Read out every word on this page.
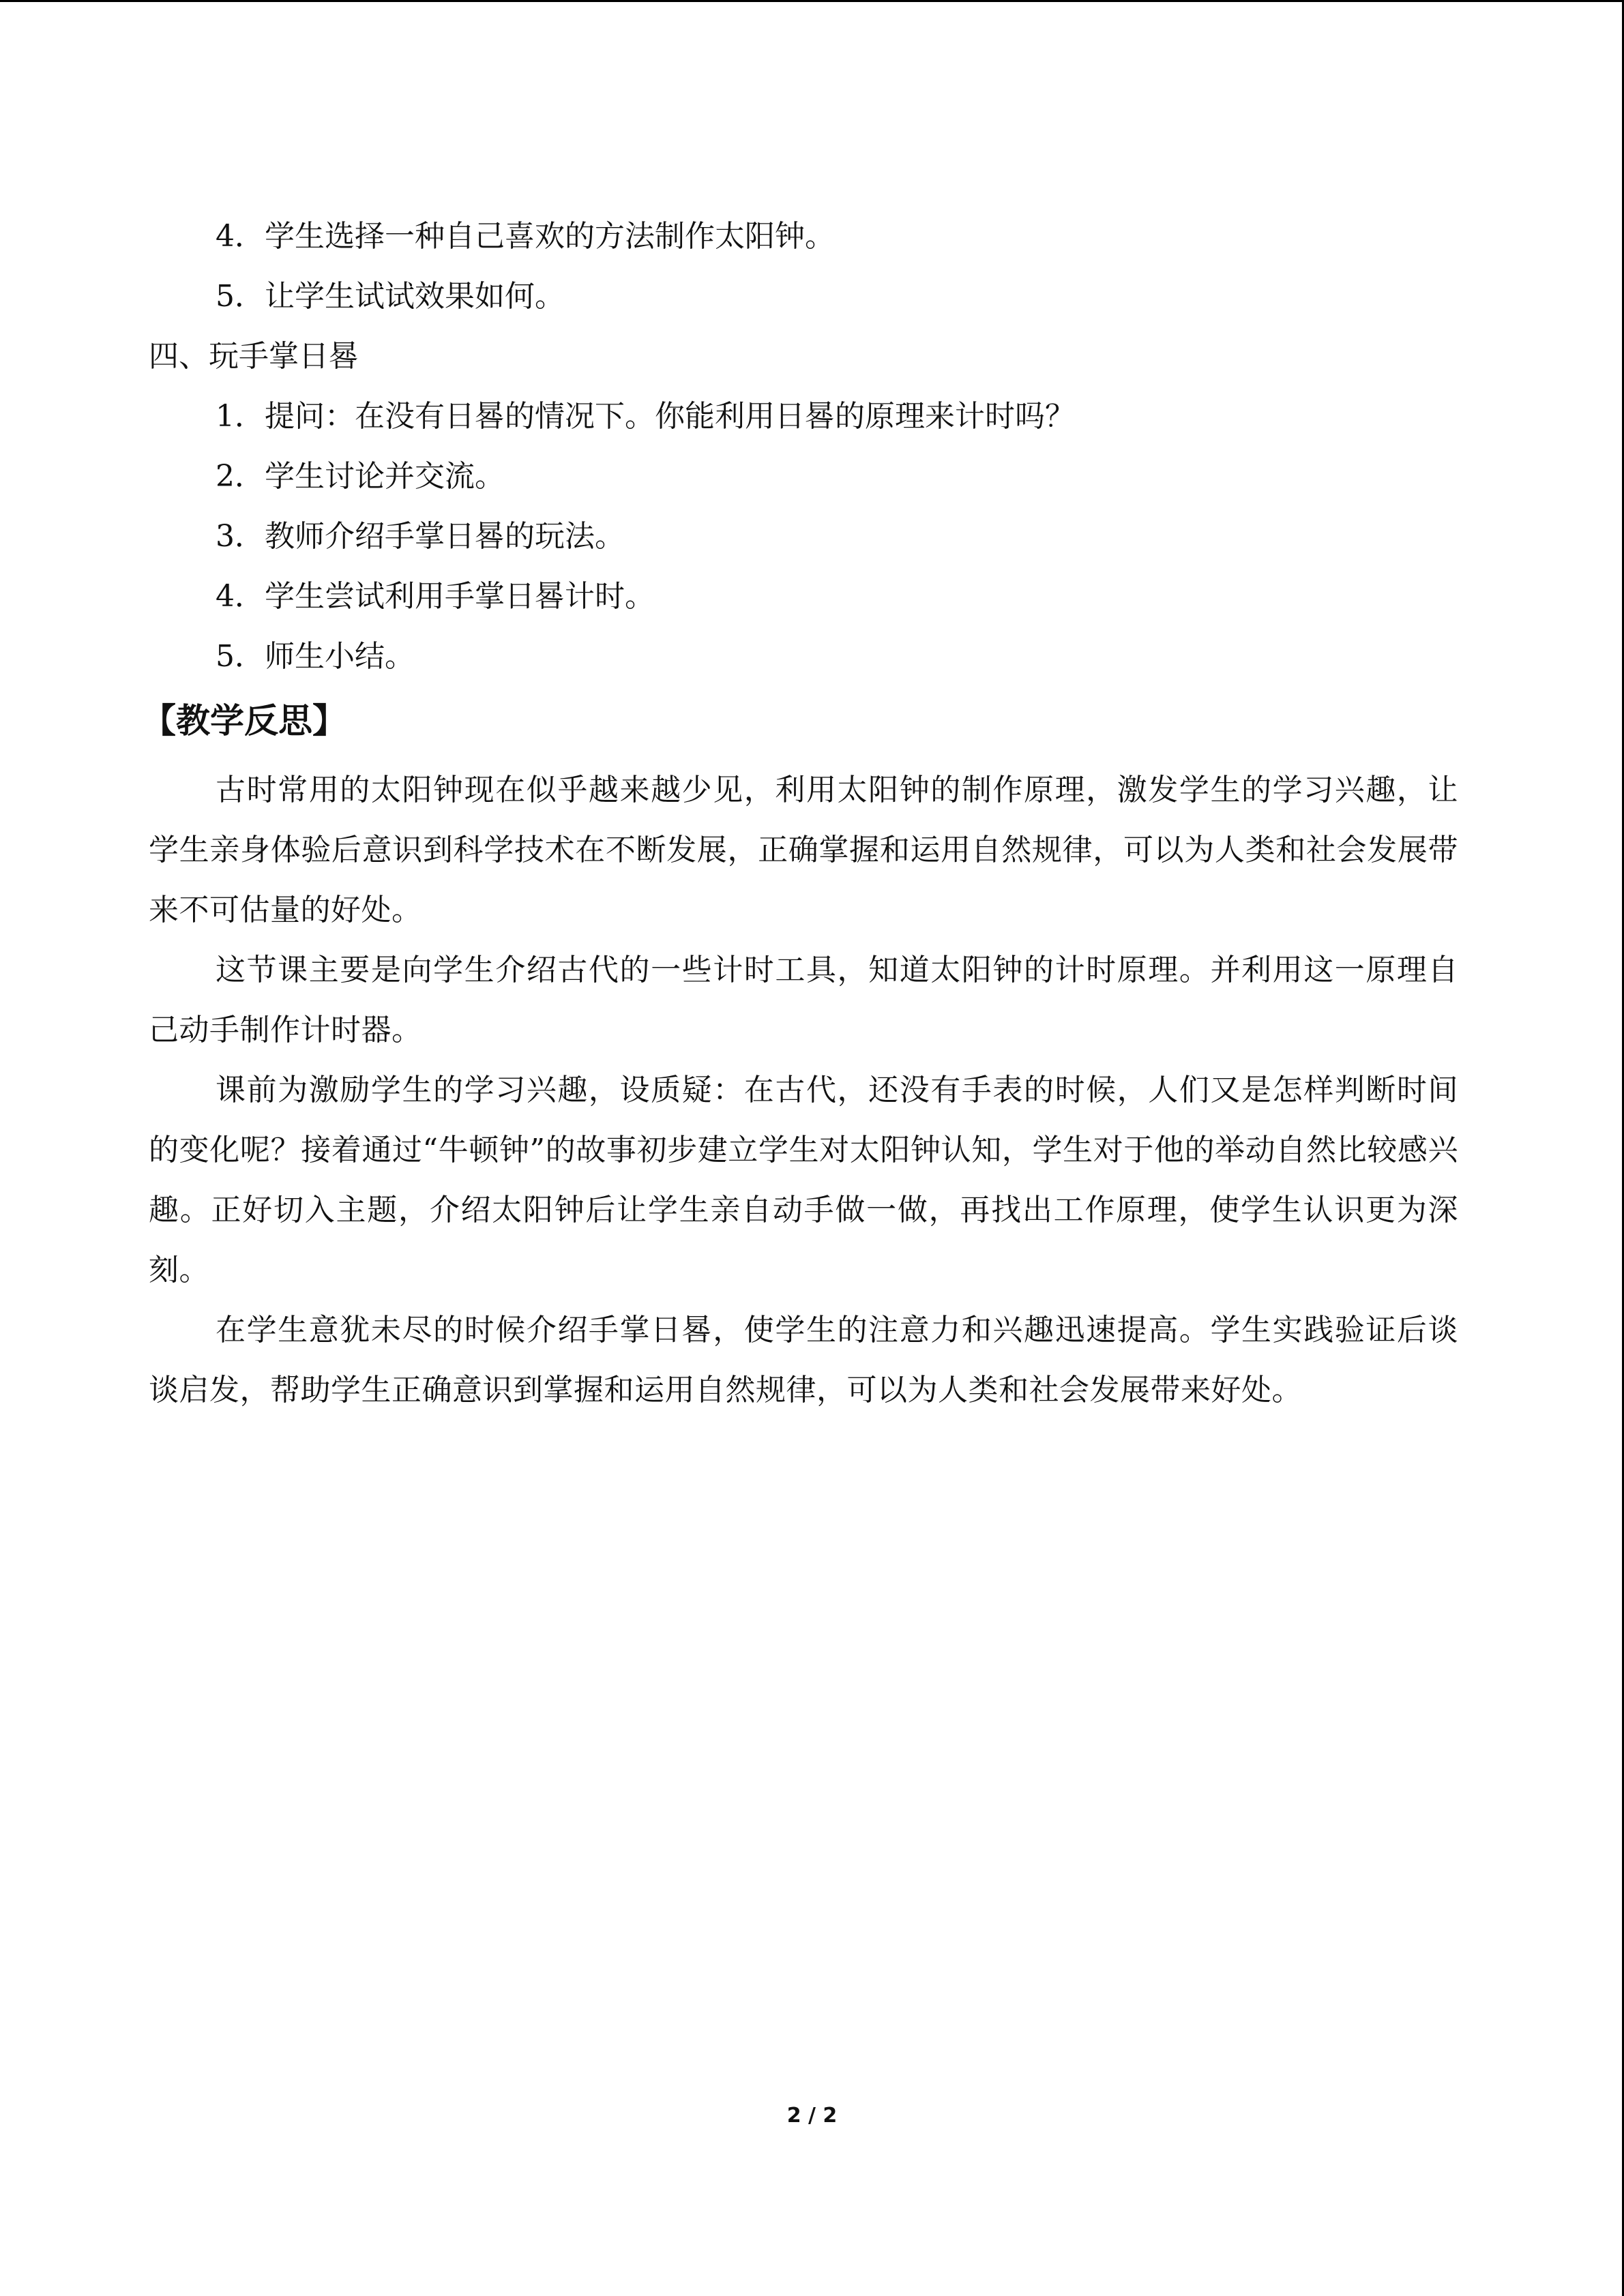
4．学生选择一种自己喜欢的方法制作太阳钟。
5．让学生试试效果如何。
四、玩手掌日晷
1．提问：在没有日晷的情况下。你能利用日晷的原理来计时吗？
2．学生讨论并交流。
3．教师介绍手掌日晷的玩法。
4．学生尝试利用手掌日晷计时。
5．师生小结。
【教学反思】

古时常用的太阳钟现在似乎越来越少见，利用太阳钟的制作原理，激发学生的学习兴趣，让学生亲身体验后意识到科学技术在不断发展，正确掌握和运用自然规律，可以为人类和社会发展带来不可估量的好处。

这节课主要是向学生介绍古代的一些计时工具，知道太阳钟的计时原理。并利用这一原理自己动手制作计时器。

课前为激励学生的学习兴趣，设质疑：在古代，还没有手表的时候，人们又是怎样判断时间的变化呢？接着通过“牛顿钟”的故事初步建立学生对太阳钟认知，学生对于他的举动自然比较感兴趣。正好切入主题，介绍太阳钟后让学生亲自动手做一做，再找出工作原理，使学生认识更为深刻。

在学生意犹未尽的时候介绍手掌日晷，使学生的注意力和兴趣迅速提高。学生实践验证后谈谈启发，帮助学生正确意识到掌握和运用自然规律，可以为人类和社会发展带来好处。

2 / 2
